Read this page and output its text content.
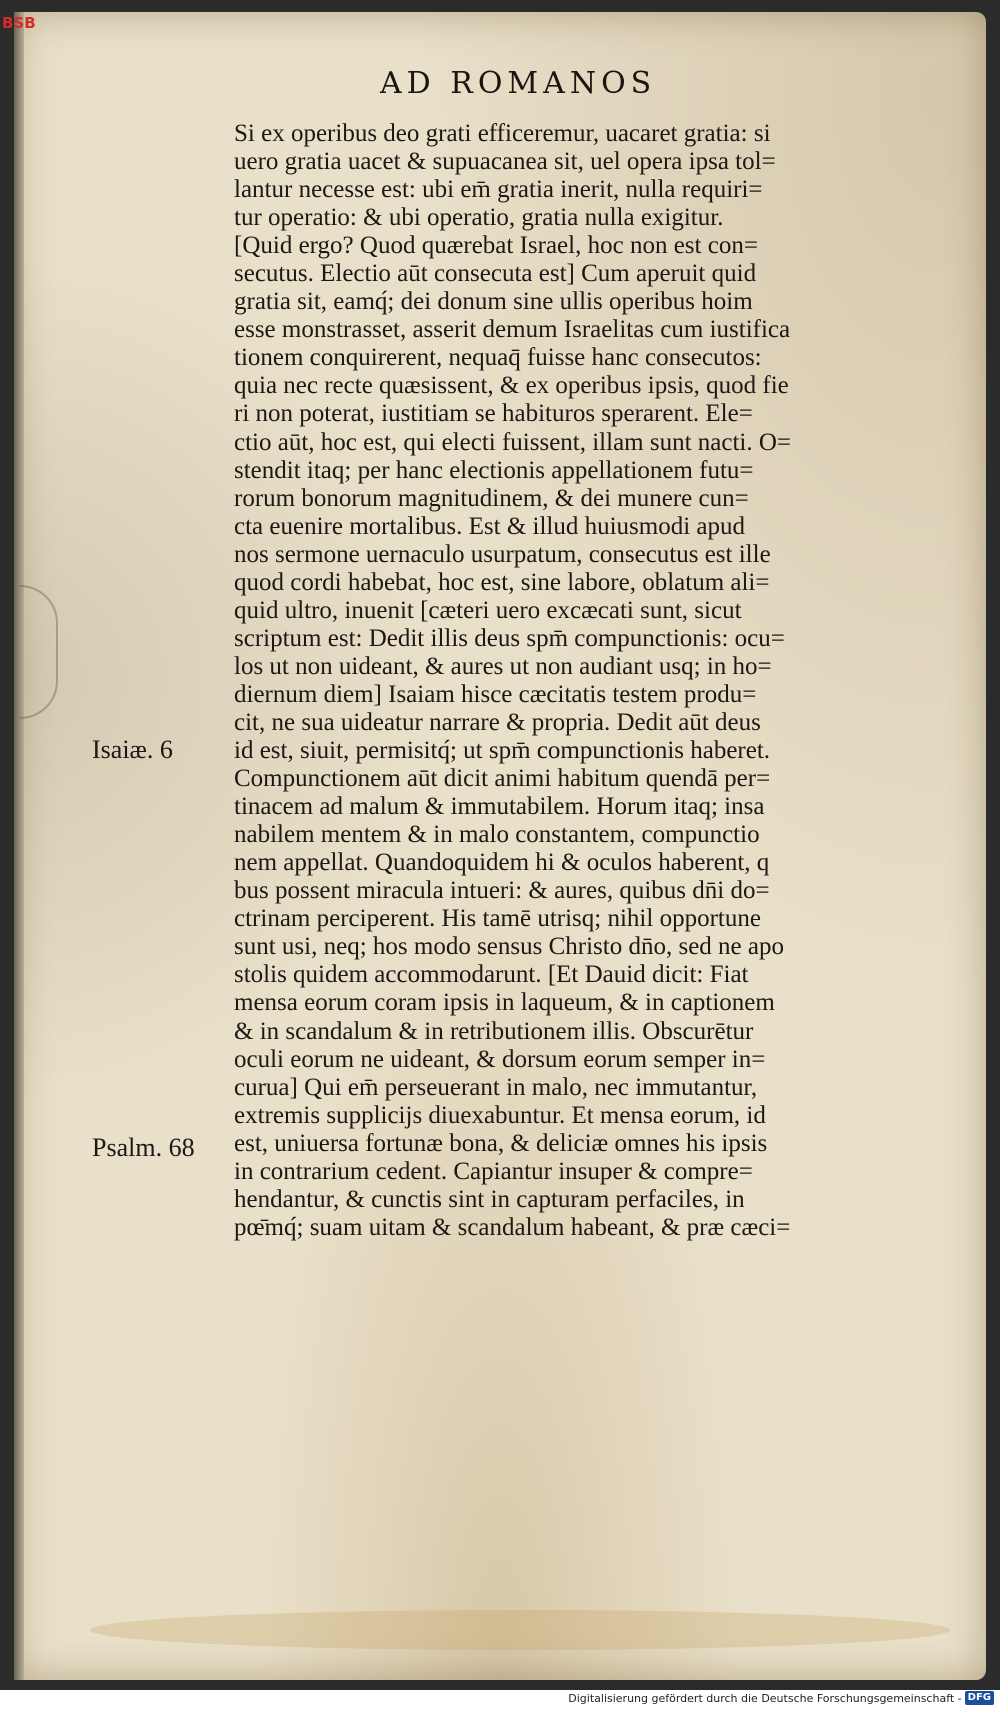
BSB
AD ROMANOS
Isaiæ. 6
Psalm. 68
Si ex operibus deo grati efficeremur, uacaret gratia: si
uero gratia uacet & supuacanea sit, uel opera ipsa tol=
lantur necesse est: ubi em̄ gratia inerit, nulla requiri=
tur operatio: & ubi operatio, gratia nulla exigitur.
[Quid ergo? Quod quærebat Israel, hoc non est con=
secutus. Electio aūt consecuta est] Cum aperuit quid
gratia sit, eamq́; dei donum sine ullis operibus hoim
esse monstrasset, asserit demum Israelitas cum iustifica
tionem conquirerent, nequaq̄ fuisse hanc consecutos:
quia nec recte quæsissent, & ex operibus ipsis, quod fie
ri non poterat, iustitiam se habituros sperarent. Ele=
ctio aūt, hoc est, qui electi fuissent, illam sunt nacti. O=
stendit itaq; per hanc electionis appellationem futu=
rorum bonorum magnitudinem, & dei munere cun=
cta euenire mortalibus. Est & illud huiusmodi apud
nos sermone uernaculo usurpatum, consecutus est ille
quod cordi habebat, hoc est, sine labore, oblatum ali=
quid ultro, inuenit [cæteri uero excæcati sunt, sicut
scriptum est: Dedit illis deus spm̄ compunctionis: ocu=
los ut non uideant, & aures ut non audiant usq; in ho=
diernum diem] Isaiam hisce cæcitatis testem produ=
cit, ne sua uideatur narrare & propria. Dedit aūt deus
id est, siuit, permisitq́; ut spm̄ compunctionis haberet.
Compunctionem aūt dicit animi habitum quendā per=
tinacem ad malum & immutabilem. Horum itaq; insa
nabilem mentem & in malo constantem, compunctio
nem appellat. Quandoquidem hi & oculos haberent, q
bus possent miracula intueri: & aures, quibus dn̄i do=
ctrinam perciperent. His tamē utrisq; nihil opportune
sunt usi, neq; hos modo sensus Christo dn̄o, sed ne apo
stolis quidem accommodarunt. [Et Dauid dicit: Fiat
mensa eorum coram ipsis in laqueum, & in captionem
& in scandalum & in retributionem illis. Obscurētur
oculi eorum ne uideant, & dorsum eorum semper in=
curua] Qui em̄ perseuerant in malo, nec immutantur,
extremis supplicijs diuexabuntur. Et mensa eorum, id
est, uniuersa fortunæ bona, & deliciæ omnes his ipsis
in contrarium cedent. Capiantur insuper & compre=
hendantur, & cunctis sint in capturam perfaciles, in
pœ̄mq́; suam uitam & scandalum habeant, & præ cæci=
Digitalisierung gefördert durch die Deutsche Forschungsgemeinschaft - DFG
